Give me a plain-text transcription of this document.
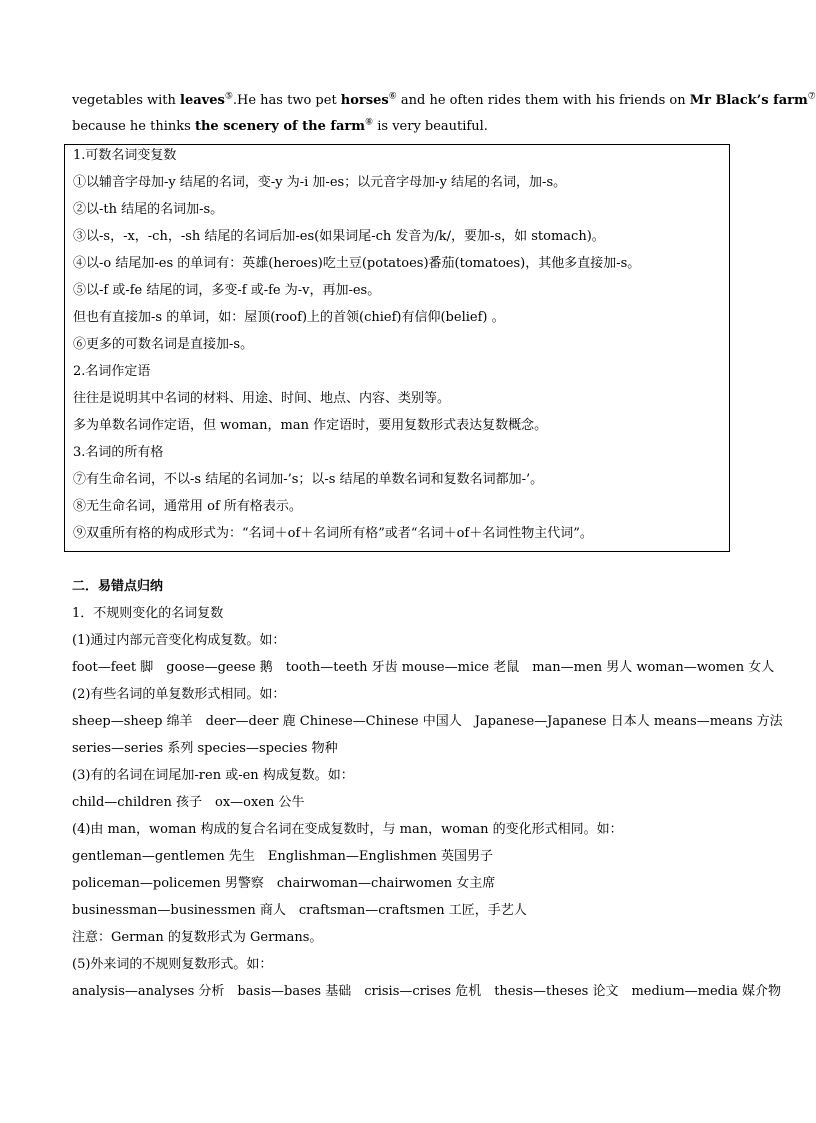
vegetables with leaves⑤.He has two pet horses⑥ and he often rides them with his friends on Mr Black’s farm⑦
because he thinks the scenery of the farm⑧ is very beautiful.
1.可数名词变复数
①以辅音字母加-y 结尾的名词，变-y 为-i 加-es；以元音字母加-y 结尾的名词，加-s。
②以-th 结尾的名词加-s。
③以-s，-x，-ch，-sh 结尾的名词后加-es(如果词尾-ch 发音为/k/，要加-s，如 stomach)。
④以-o 结尾加-es 的单词有：英雄(heroes)吃土豆(potatoes)番茄(tomatoes)，其他多直接加-s。
⑤以-f 或-fe 结尾的词，多变-f 或-fe 为-v，再加-es。
但也有直接加-s 的单词，如：屋顶(roof)上的首领(chief)有信仰(belief) 。
⑥更多的可数名词是直接加-s。
2.名词作定语
往往是说明其中名词的材料、用途、时间、地点、内容、类别等。
多为单数名词作定语，但 woman，man 作定语时，要用复数形式表达复数概念。
3.名词的所有格
⑦有生命名词，不以-s 结尾的名词加-’s；以-s 结尾的单数名词和复数名词都加-’。
⑧无生命名词，通常用 of 所有格表示。
⑨双重所有格的构成形式为：“名词＋of＋名词所有格”或者“名词＋of＋名词性物主代词”。
二．易错点归纳
1．不规则变化的名词复数
(1)通过内部元音变化构成复数。如：
foot—feet 脚　goose—geese 鹅　tooth—teeth 牙齿 mouse—mice 老鼠　man—men 男人 woman—women 女人
(2)有些名词的单复数形式相同。如：
sheep—sheep 绵羊　deer—deer 鹿 Chinese—Chinese 中国人　Japanese—Japanese 日本人 means—means 方法
series—series 系列 species—species 物种
(3)有的名词在词尾加-ren 或-en 构成复数。如：
child—children 孩子　ox—oxen 公牛
(4)由 man，woman 构成的复合名词在变成复数时，与 man，woman 的变化形式相同。如：
gentleman—gentlemen 先生　Englishman—Englishmen 英国男子
policeman—policemen 男警察　chairwoman—chairwomen 女主席
businessman—businessmen 商人　craftsman—craftsmen 工匠，手艺人
注意：German 的复数形式为 Germans。
(5)外来词的不规则复数形式。如：
analysis—analyses 分析　basis—bases 基础　crisis—crises 危机　thesis—theses 论文　medium—media 媒介物
